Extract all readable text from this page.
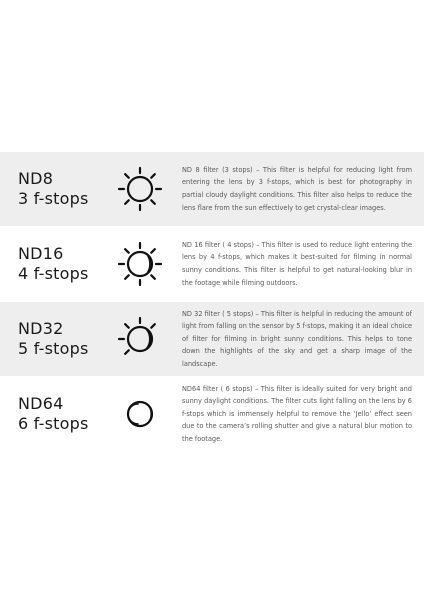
ND8
3 f-stops

ND 8 filter (3 stops) – This filter is helpful for reducing light from entering the lens by 3 f-stops, which is best for photography in partial cloudy daylight conditions. This filter also helps to reduce the lens flare from the sun effectively to get crystal-clear images.

ND16
4 f-stops

ND 16 filter ( 4 stops) – This filter is used to reduce light entering the lens by 4 f-stops, which makes it best-suited for filming in normal sunny conditions. This filter is helpful to get natural-looking blur in the footage while filming outdoors.

ND32
5 f-stops

ND 32 filter ( 5 stops) – This filter is helpful in reducing the amount of light from falling on the sensor by 5 f-stops, making it an ideal choice of filter for filming in bright sunny conditions. This helps to tone down the highlights of the sky and get a sharp image of the landscape.

ND64
6 f-stops

ND64 filter ( 6 stops) – This filter is ideally suited for very bright and sunny daylight conditions. The filter cuts light falling on the lens by 6 f-stops which is immensely helpful to remove the ‘Jello’ effect seen due to the camera’s rolling shutter and give a natural blur motion to the footage.
